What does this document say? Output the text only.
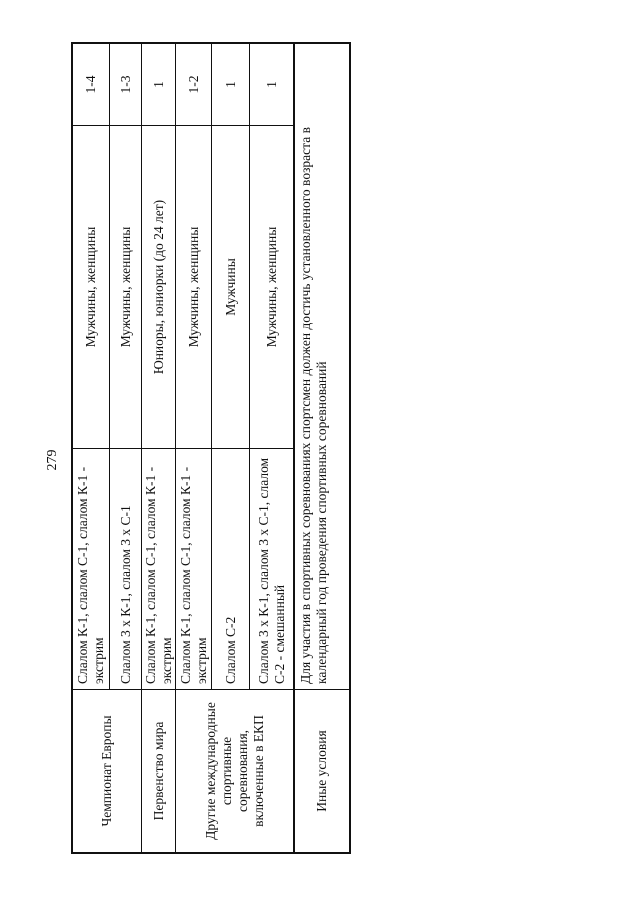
279
Чемпионат Европы
Слалом К-1, слалом С-1, слалом К-1 - экстрим
Мужчины, женщины
1-4
Слалом 3 х К-1, слалом 3 х С-1
Мужчины, женщины
1-3
Первенство мира
Слалом К-1, слалом С-1, слалом К-1 - экстрим
Юниоры, юниорки (до 24 лет)
1
Другие международные спортивные соревнования, включенные в ЕКП
Слалом К-1, слалом С-1, слалом К-1 - экстрим
Мужчины, женщины
1-2
Слалом С-2
Мужчины
1
Слалом 3 х К-1, слалом 3 х С-1, слалом С-2 - смешанный
Мужчины, женщины
1
Иные условия
Для участия в спортивных соревнованиях спортсмен должен достичь установленного возраста в календарный год проведения спортивных соревнований
